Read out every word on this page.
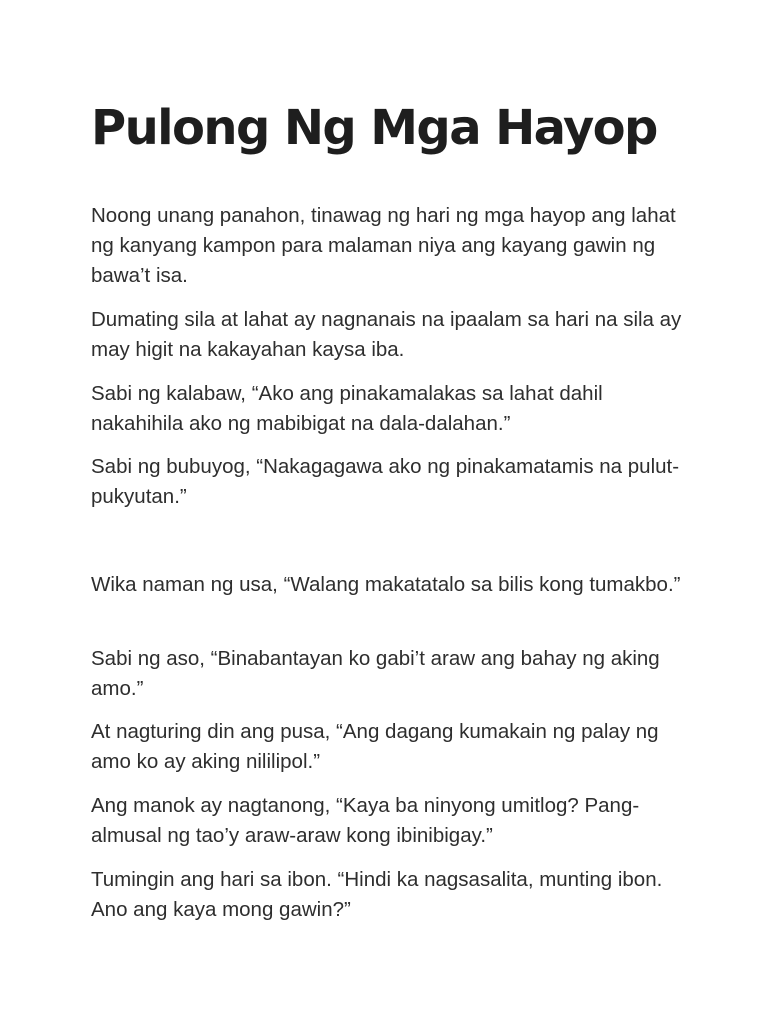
Pulong Ng Mga Hayop

Noong unang panahon, tinawag ng hari ng mga hayop ang lahat ng kanyang kampon para malaman niya ang kayang gawin ng bawa’t isa.

Dumating sila at lahat ay nagnanais na ipaalam sa hari na sila ay may higit na kakayahan kaysa iba.

Sabi ng kalabaw, “Ako ang pinakamalakas sa lahat dahil nakahihila ako ng mabibigat na dala-dalahan.”

Sabi ng bubuyog, “Nakagagawa ako ng pinakamatamis na pulut-pukyutan.”

Wika naman ng usa, “Walang makatatalo sa bilis kong tumakbo.”

Sabi ng aso, “Binabantayan ko gabi’t araw ang bahay ng aking amo.”

At nagturing din ang pusa, “Ang dagang kumakain ng palay ng amo ko ay aking nililipol.”

Ang manok ay nagtanong, “Kaya ba ninyong umitlog? Pang-almusal ng tao’y araw-araw kong ibinibigay.”

Tumingin ang hari sa ibon. “Hindi ka nagsasalita, munting ibon. Ano ang kaya mong gawin?”
